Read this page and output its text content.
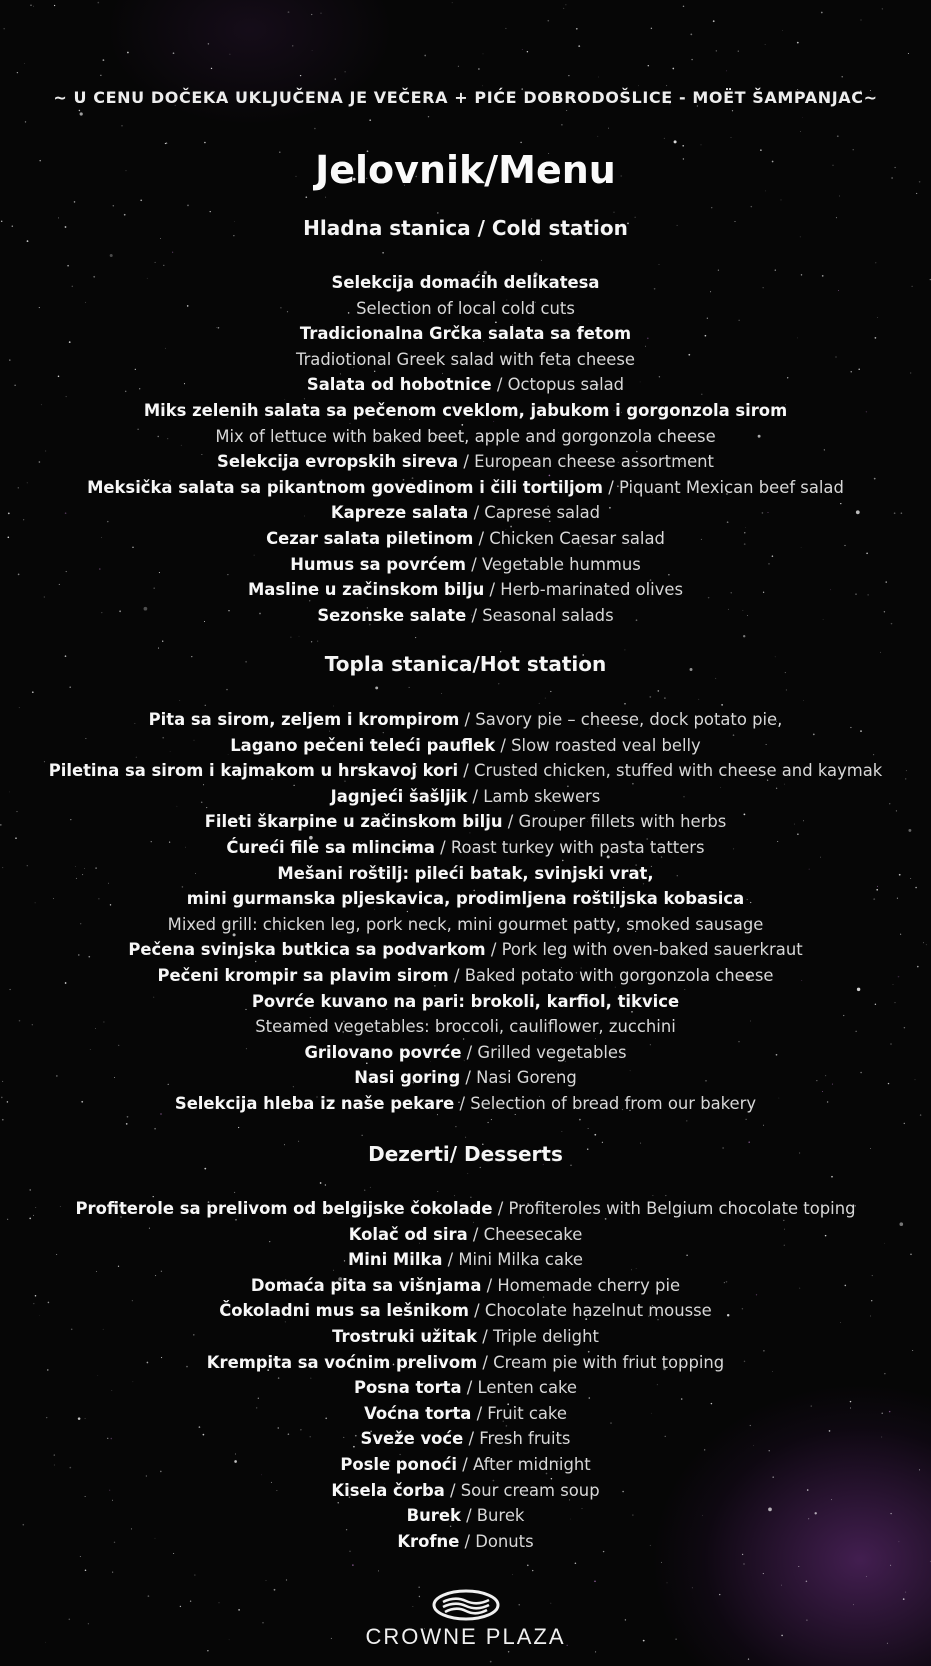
~ U CENU DOČEKA UKLJUČENA JE VEČERA + PIĆE DOBRODOŠLICE - MOËT ŠAMPANJAC~
Jelovnik/Menu
Hladna stanica / Cold station
Selekcija domaćih delikatesa
Selection of local cold cuts
Tradicionalna Grčka salata sa fetom
Tradiotional Greek salad with feta cheese
Salata od hobotnice / Octopus salad
Miks zelenih salata sa pečenom cveklom, jabukom i gorgonzola sirom
Mix of lettuce with baked beet, apple and gorgonzola cheese
Selekcija evropskih sireva / European cheese assortment
Meksička salata sa pikantnom govedinom i čili tortiljom / Piquant Mexican beef salad
Kapreze salata / Caprese salad
Cezar salata piletinom / Chicken Caesar salad
Humus sa povrćem / Vegetable hummus
Masline u začinskom bilju / Herb-marinated olives
Sezonske salate / Seasonal salads
Topla stanica/Hot station
Pita sa sirom, zeljem i krompirom / Savory pie – cheese, dock potato pie,
Lagano pečeni teleći pauflek / Slow roasted veal belly
Piletina sa sirom i kajmakom u hrskavoj kori / Crusted chicken, stuffed with cheese and kaymak
Jagnjeći šašljik / Lamb skewers
Fileti škarpine u začinskom bilju / Grouper fillets with herbs
Ćureći file sa mlincima / Roast turkey with pasta tatters
Mešani roštilj: pileći batak, svinjski vrat,
mini gurmanska pljeskavica, prodimljena roštiljska kobasica
Mixed grill: chicken leg, pork neck, mini gourmet patty, smoked sausage
Pečena svinjska butkica sa podvarkom / Pork leg with oven-baked sauerkraut
Pečeni krompir sa plavim sirom / Baked potato with gorgonzola cheese
Povrće kuvano na pari: brokoli, karfiol, tikvice
Steamed vegetables: broccoli, cauliflower, zucchini
Grilovano povrće / Grilled vegetables
Nasi goring / Nasi Goreng
Selekcija hleba iz naše pekare / Selection of bread from our bakery
Dezerti/ Desserts
Profiterole sa prelivom od belgijske čokolade / Profiteroles with Belgium chocolate toping
Kolač od sira / Cheesecake
Mini Milka / Mini Milka cake
Domaća pita sa višnjama / Homemade cherry pie
Čokoladni mus sa lešnikom / Chocolate hazelnut mousse
Trostruki užitak / Triple delight
Krempita sa voćnim prelivom / Cream pie with friut topping
Posna torta / Lenten cake
Voćna torta / Fruit cake
Sveže voće / Fresh fruits
Posle ponoći / After midnight
Kisela čorba / Sour cream soup
Burek / Burek
Krofne / Donuts
CROWNE PLAZA
